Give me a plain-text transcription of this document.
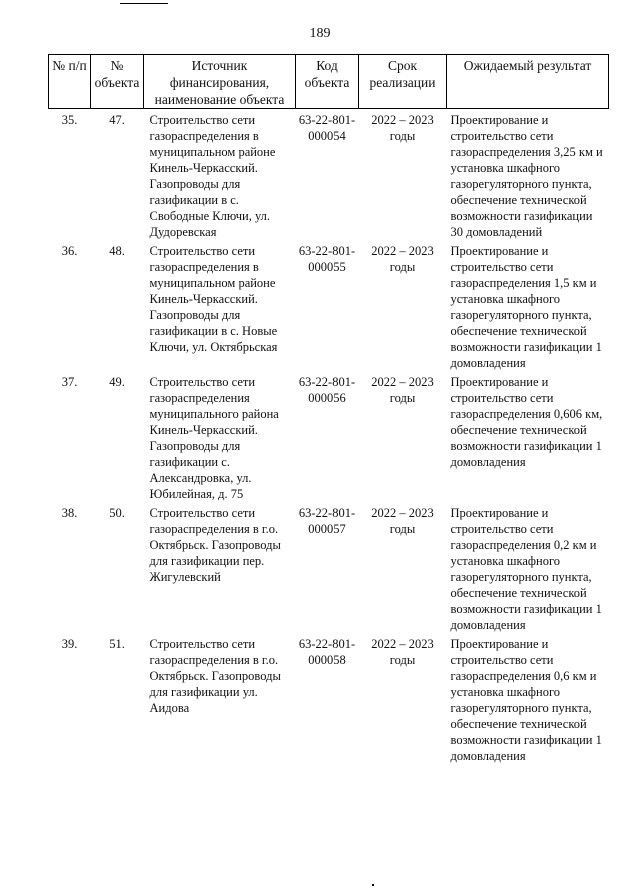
189
№ п/п	№ объекта	Источник финансирования, наименование объекта	Код объекта	Срок реализации	Ожидаемый результат
35.	47.	Строительство сети газораспределения в муниципальном районе Кинель-Черкасский. Газопроводы для газификации в с. Свободные Ключи, ул. Дудоревская	63-22-801-000054	2022 – 2023 годы	Проектирование и строительство сети газораспределения 3,25 км и установка шкафного газорегуляторного пункта, обеспечение технической возможности газификации 30 домовладений
36.	48.	Строительство сети газораспределения в муниципальном районе Кинель-Черкасский. Газопроводы для газификации в с. Новые Ключи, ул. Октябрьская	63-22-801-000055	2022 – 2023 годы	Проектирование и строительство сети газораспределения 1,5 км и установка шкафного газорегуляторного пункта, обеспечение технической возможности газификации 1 домовладения
37.	49.	Строительство сети газораспределения муниципального района Кинель-Черкасский. Газопроводы для газификации с. Александровка, ул. Юбилейная, д. 75	63-22-801-000056	2022 – 2023 годы	Проектирование и строительство сети газораспределения 0,606 км, обеспечение технической возможности газификации 1 домовладения
38.	50.	Строительство сети газораспределения в г.о. Октябрьск. Газопроводы для газификации пер. Жигулевский	63-22-801-000057	2022 – 2023 годы	Проектирование и строительство сети газораспределения 0,2 км и установка шкафного газорегуляторного пункта, обеспечение технической возможности газификации 1 домовладения
39.	51.	Строительство сети газораспределения в г.о. Октябрьск. Газопроводы для газификации ул. Аидова	63-22-801-000058	2022 – 2023 годы	Проектирование и строительство сети газораспределения 0,6 км и установка шкафного газорегуляторного пункта, обеспечение технической возможности газификации 1 домовладения
